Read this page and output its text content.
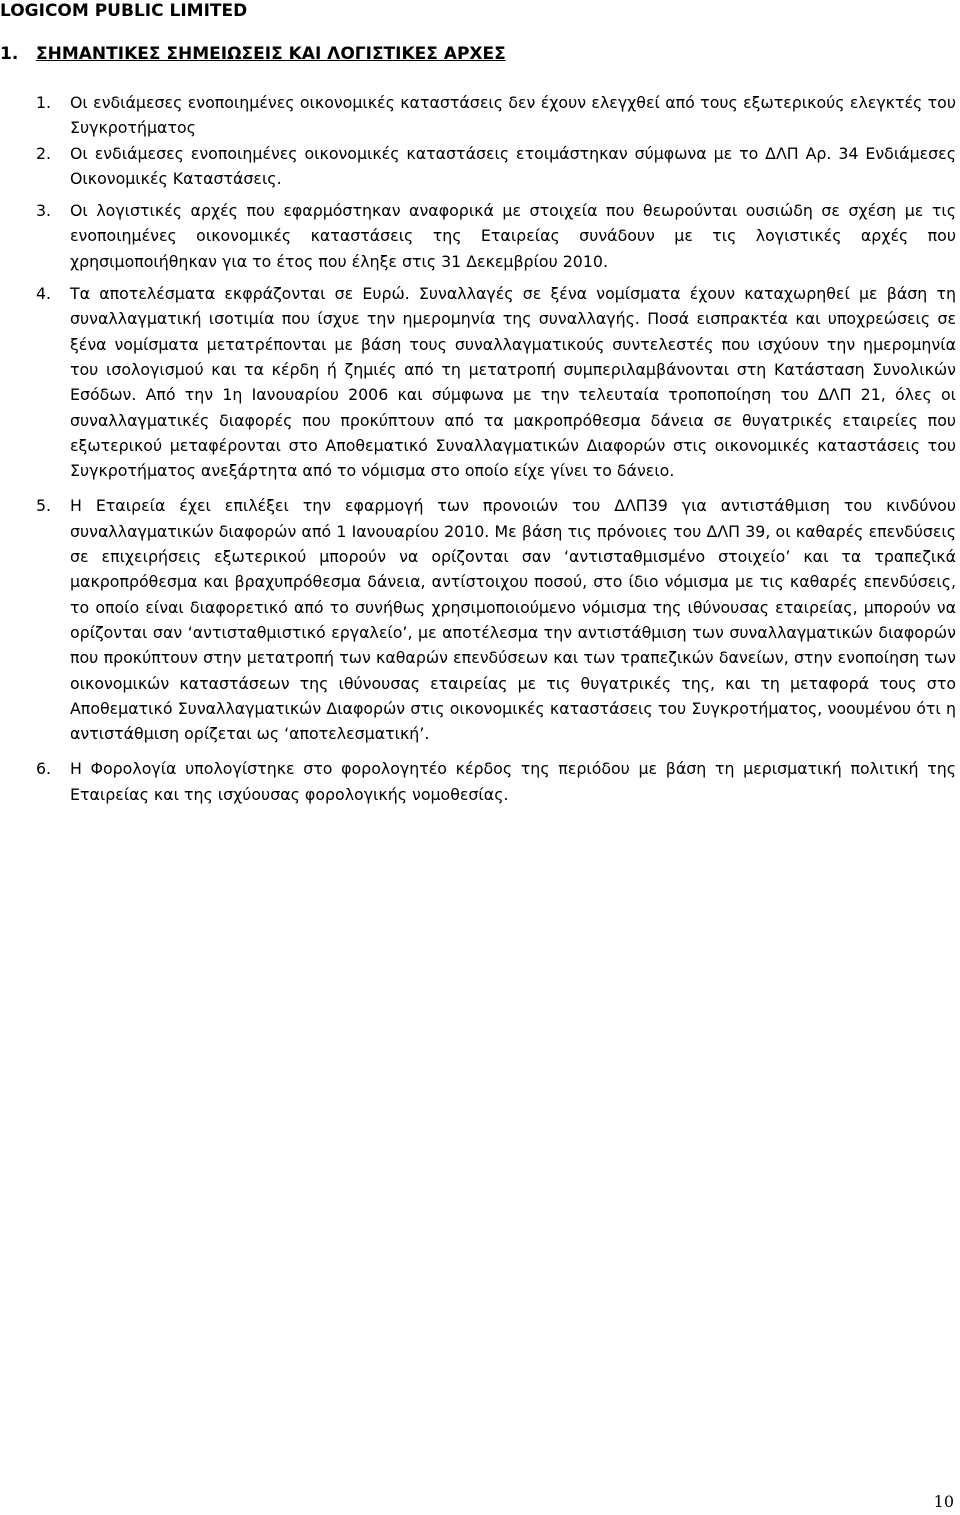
LOGICOM PUBLIC LIMITED
1. ΣΗΜΑΝΤΙΚΕΣ ΣΗΜΕΙΩΣΕΙΣ ΚΑΙ ΛΟΓΙΣΤΙΚΕΣ ΑΡΧΕΣ
1.	Οι ενδιάμεσες ενοποιημένες οικονομικές καταστάσεις δεν έχουν ελεγχθεί από τους εξωτερικούς ελεγκτές του Συγκροτήματος
2.	Οι ενδιάμεσες ενοποιημένες οικονομικές καταστάσεις ετοιμάστηκαν σύμφωνα με το ΔΛΠ Αρ. 34 Ενδιάμεσες Οικονομικές Καταστάσεις.
3.	Οι λογιστικές αρχές που εφαρμόστηκαν αναφορικά με στοιχεία που θεωρούνται ουσιώδη σε σχέση με τις ενοποιημένες οικονομικές καταστάσεις της Εταιρείας συνάδουν με τις λογιστικές αρχές που χρησιμοποιήθηκαν για το έτος που έληξε στις 31 Δεκεμβρίου 2010.
4.	Τα αποτελέσματα εκφράζονται σε Ευρώ. Συναλλαγές σε ξένα νομίσματα έχουν καταχωρηθεί με βάση τη συναλλαγματική ισοτιμία που ίσχυε την ημερομηνία της συναλλαγής. Ποσά εισπρακτέα και υποχρεώσεις σε ξένα νομίσματα μετατρέπονται με βάση τους συναλλαγματικούς συντελεστές που ισχύουν την ημερομηνία του ισολογισμού και τα κέρδη ή ζημιές από τη μετατροπή συμπεριλαμβάνονται στη Κατάσταση Συνολικών Εσόδων. Από την 1η Ιανουαρίου 2006 και σύμφωνα με την τελευταία τροποποίηση του ΔΛΠ 21, όλες οι συναλλαγματικές διαφορές που προκύπτουν από τα μακροπρόθεσμα δάνεια σε θυγατρικές εταιρείες που εξωτερικού μεταφέρονται στο Αποθεματικό Συναλλαγματικών Διαφορών στις οικονομικές καταστάσεις του Συγκροτήματος ανεξάρτητα από το νόμισμα στο οποίο είχε γίνει το δάνειο.
5.	Η Εταιρεία έχει επιλέξει την εφαρμογή των προνοιών του ΔΛΠ39 για αντιστάθμιση του κινδύνου συναλλαγματικών διαφορών από 1 Ιανουαρίου 2010. Με βάση τις πρόνοιες του ΔΛΠ 39, οι καθαρές επενδύσεις σε επιχειρήσεις εξωτερικού μπορούν να ορίζονται σαν ‘αντισταθμισμένο στοιχείο’ και τα τραπεζικά μακροπρόθεσμα και βραχυπρόθεσμα δάνεια, αντίστοιχου ποσού, στο ίδιο νόμισμα με τις καθαρές επενδύσεις, το οποίο είναι διαφορετικό από το συνήθως χρησιμοποιούμενο νόμισμα της ιθύνουσας εταιρείας, μπορούν να ορίζονται σαν ‘αντισταθμιστικό εργαλείο’, με αποτέλεσμα την αντιστάθμιση των συναλλαγματικών διαφορών που προκύπτουν στην μετατροπή των καθαρών επενδύσεων και των τραπεζικών δανείων, στην ενοποίηση των οικονομικών καταστάσεων της ιθύνουσας εταιρείας με τις θυγατρικές της, και τη μεταφορά τους στο Αποθεματικό Συναλλαγματικών Διαφορών στις οικονομικές καταστάσεις του Συγκροτήματος, νοουμένου ότι η αντιστάθμιση ορίζεται ως ‘αποτελεσματική’.
6.	Η Φορολογία υπολογίστηκε στο φορολογητέο κέρδος της περιόδου με βάση τη μερισματική πολιτική της Εταιρείας και της ισχύουσας φορολογικής νομοθεσίας.
10
